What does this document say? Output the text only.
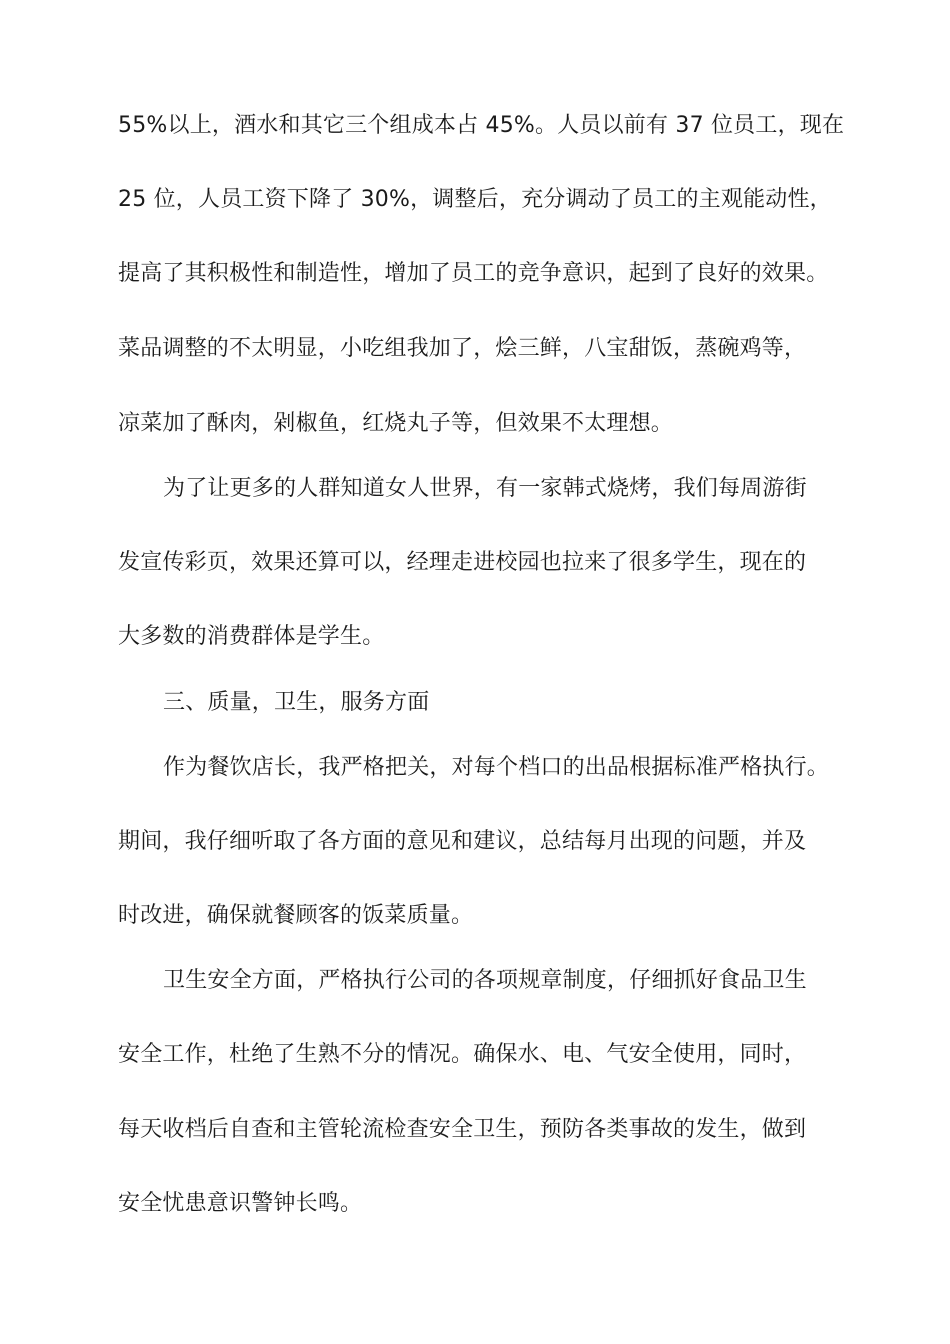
55%以上，酒水和其它三个组成本占 45%。人员以前有 37 位员工，现在
25 位，人员工资下降了 30%，调整后，充分调动了员工的主观能动性，
提高了其积极性和制造性，增加了员工的竞争意识，起到了良好的效果。
菜品调整的不太明显，小吃组我加了，烩三鲜，八宝甜饭，蒸碗鸡等，
凉菜加了酥肉，剁椒鱼，红烧丸子等，但效果不太理想。
为了让更多的人群知道女人世界，有一家韩式烧烤，我们每周游街
发宣传彩页，效果还算可以，经理走进校园也拉来了很多学生，现在的
大多数的消费群体是学生。
三、质量，卫生，服务方面
作为餐饮店长，我严格把关，对每个档口的出品根据标准严格执行。
期间，我仔细听取了各方面的意见和建议，总结每月出现的问题，并及
时改进，确保就餐顾客的饭菜质量。
卫生安全方面，严格执行公司的各项规章制度，仔细抓好食品卫生
安全工作，杜绝了生熟不分的情况。确保水、电、气安全使用，同时，
每天收档后自查和主管轮流检查安全卫生，预防各类事故的发生，做到
安全忧患意识警钟长鸣。
